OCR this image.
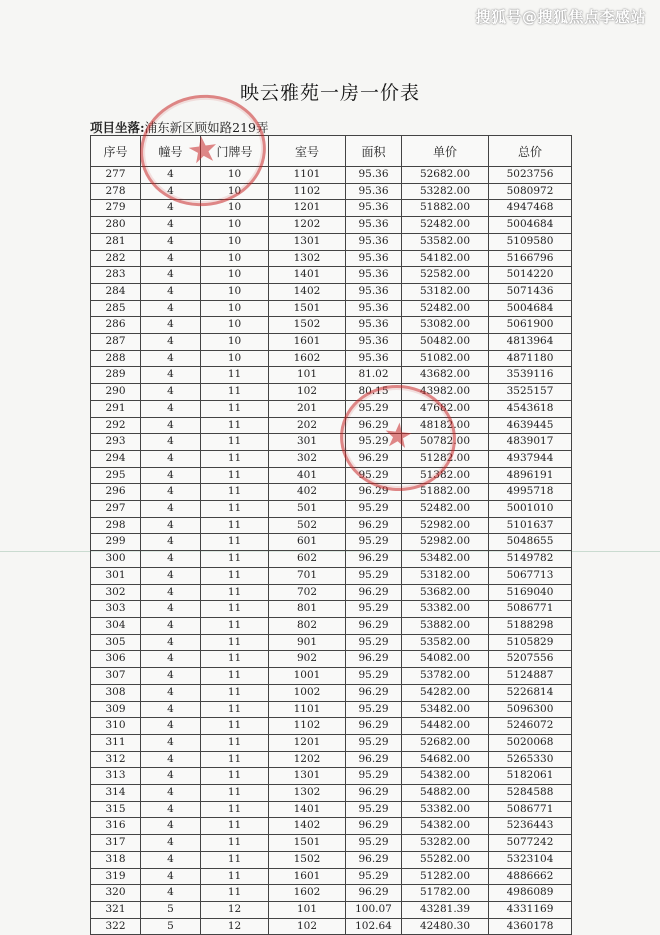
搜狐号@搜狐焦点李感站
映云雅苑一房一价表
项目坐落:浦东新区顾如路219弄
序号	幢号	门牌号	室号	面积	单价	总价
277	4	10	1101	95.36	52682.00	5023756
278	4	10	1102	95.36	53282.00	5080972
279	4	10	1201	95.36	51882.00	4947468
280	4	10	1202	95.36	52482.00	5004684
281	4	10	1301	95.36	53582.00	5109580
282	4	10	1302	95.36	54182.00	5166796
283	4	10	1401	95.36	52582.00	5014220
284	4	10	1402	95.36	53182.00	5071436
285	4	10	1501	95.36	52482.00	5004684
286	4	10	1502	95.36	53082.00	5061900
287	4	10	1601	95.36	50482.00	4813964
288	4	10	1602	95.36	51082.00	4871180
289	4	11	101	81.02	43682.00	3539116
290	4	11	102	80.15	43982.00	3525157
291	4	11	201	95.29	47682.00	4543618
292	4	11	202	96.29	48182.00	4639445
293	4	11	301	95.29	50782.00	4839017
294	4	11	302	96.29	51282.00	4937944
295	4	11	401	95.29	51382.00	4896191
296	4	11	402	96.29	51882.00	4995718
297	4	11	501	95.29	52482.00	5001010
298	4	11	502	96.29	52982.00	5101637
299	4	11	601	95.29	52982.00	5048655
300	4	11	602	96.29	53482.00	5149782
301	4	11	701	95.29	53182.00	5067713
302	4	11	702	96.29	53682.00	5169040
303	4	11	801	95.29	53382.00	5086771
304	4	11	802	96.29	53882.00	5188298
305	4	11	901	95.29	53582.00	5105829
306	4	11	902	96.29	54082.00	5207556
307	4	11	1001	95.29	53782.00	5124887
308	4	11	1002	96.29	54282.00	5226814
309	4	11	1101	95.29	53482.00	5096300
310	4	11	1102	96.29	54482.00	5246072
311	4	11	1201	95.29	52682.00	5020068
312	4	11	1202	96.29	54682.00	5265330
313	4	11	1301	95.29	54382.00	5182061
314	4	11	1302	96.29	54882.00	5284588
315	4	11	1401	95.29	53382.00	5086771
316	4	11	1402	96.29	54382.00	5236443
317	4	11	1501	95.29	53282.00	5077242
318	4	11	1502	96.29	55282.00	5323104
319	4	11	1601	95.29	51282.00	4886662
320	4	11	1602	96.29	51782.00	4986089
321	5	12	101	100.07	43281.39	4331169
322	5	12	102	102.64	42480.30	4360178
★
★
